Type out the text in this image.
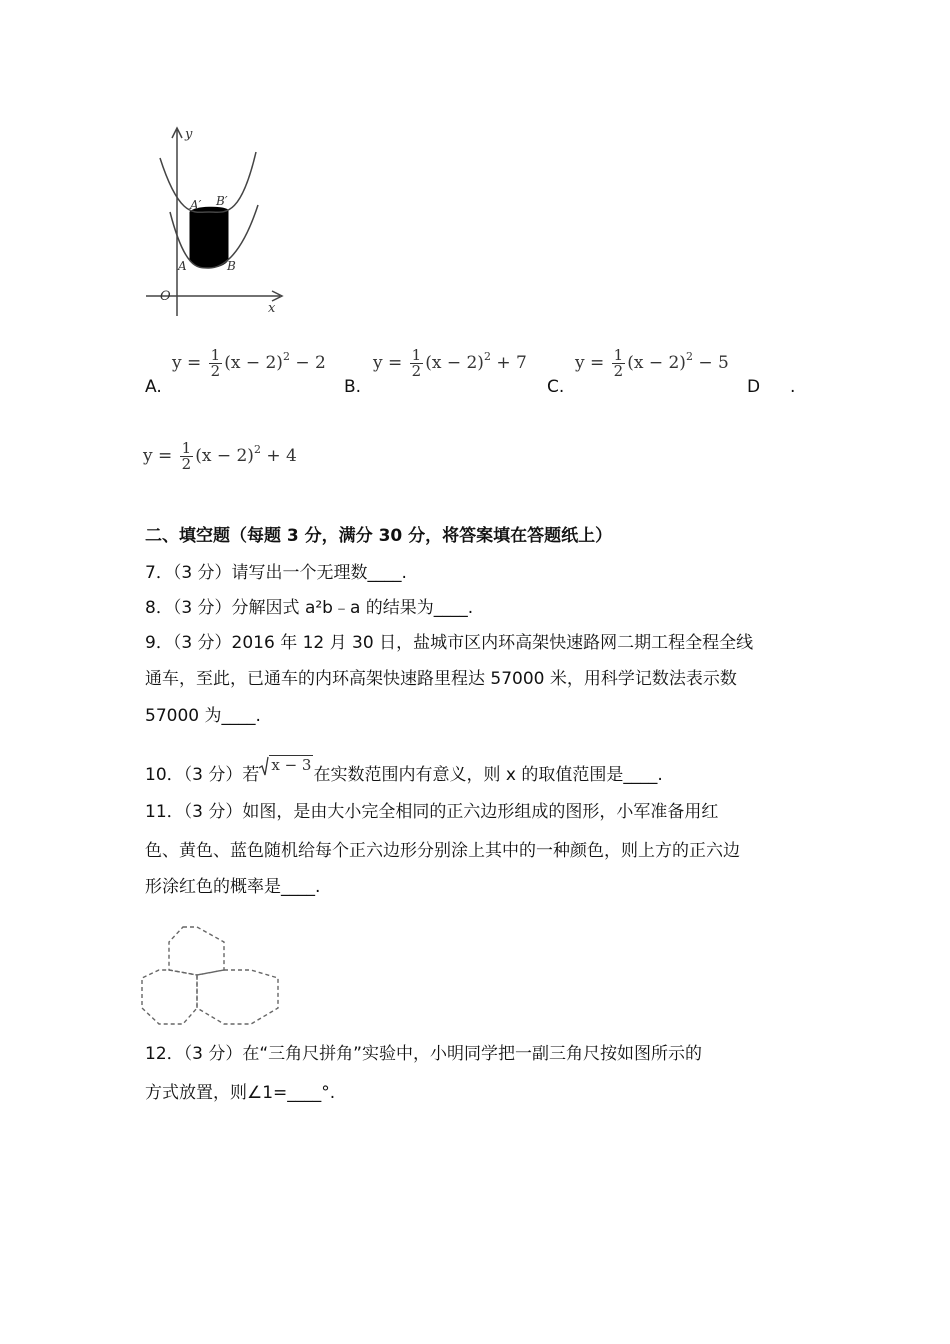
y
x
O
A′ B′
A	B
A.
$y = \frac{1}{2} (x - 2)^2 - 2$
B.
$y = \frac{1}{2} (x - 2)^2 + 7$
C.
$y = \frac{1}{2} (x - 2)^2 - 5$
D .
$y = \frac{1}{2} (x - 2)^2 + 4$
二、填空题（每题 3 分，满分 30 分，将答案填在答题纸上）
7．（3 分）请写出一个无理数____.
8．（3 分）分解因式 a²b﹣a 的结果为____.
9．（3 分）2016 年 12 月 30 日，盐城市区内环高架快速路网二期工程全程全线
通车，至此，已通车的内环高架快速路里程达 57000 米，用科学记数法表示数
57000 为____.
10．（3 分）若 x − 3 在实数范围内有意义，则 x 的取值范围是____.
11．（3 分）如图，是由大小完全相同的正六边形组成的图形，小军准备用红
色、黄色、蓝色随机给每个正六边形分别涂上其中的一种颜色，则上方的正六边
形涂红色的概率是____.
12．（3 分）在“三角尺拼角”实验中，小明同学把一副三角尺按如图所示的
方式放置，则∠1=____°.
